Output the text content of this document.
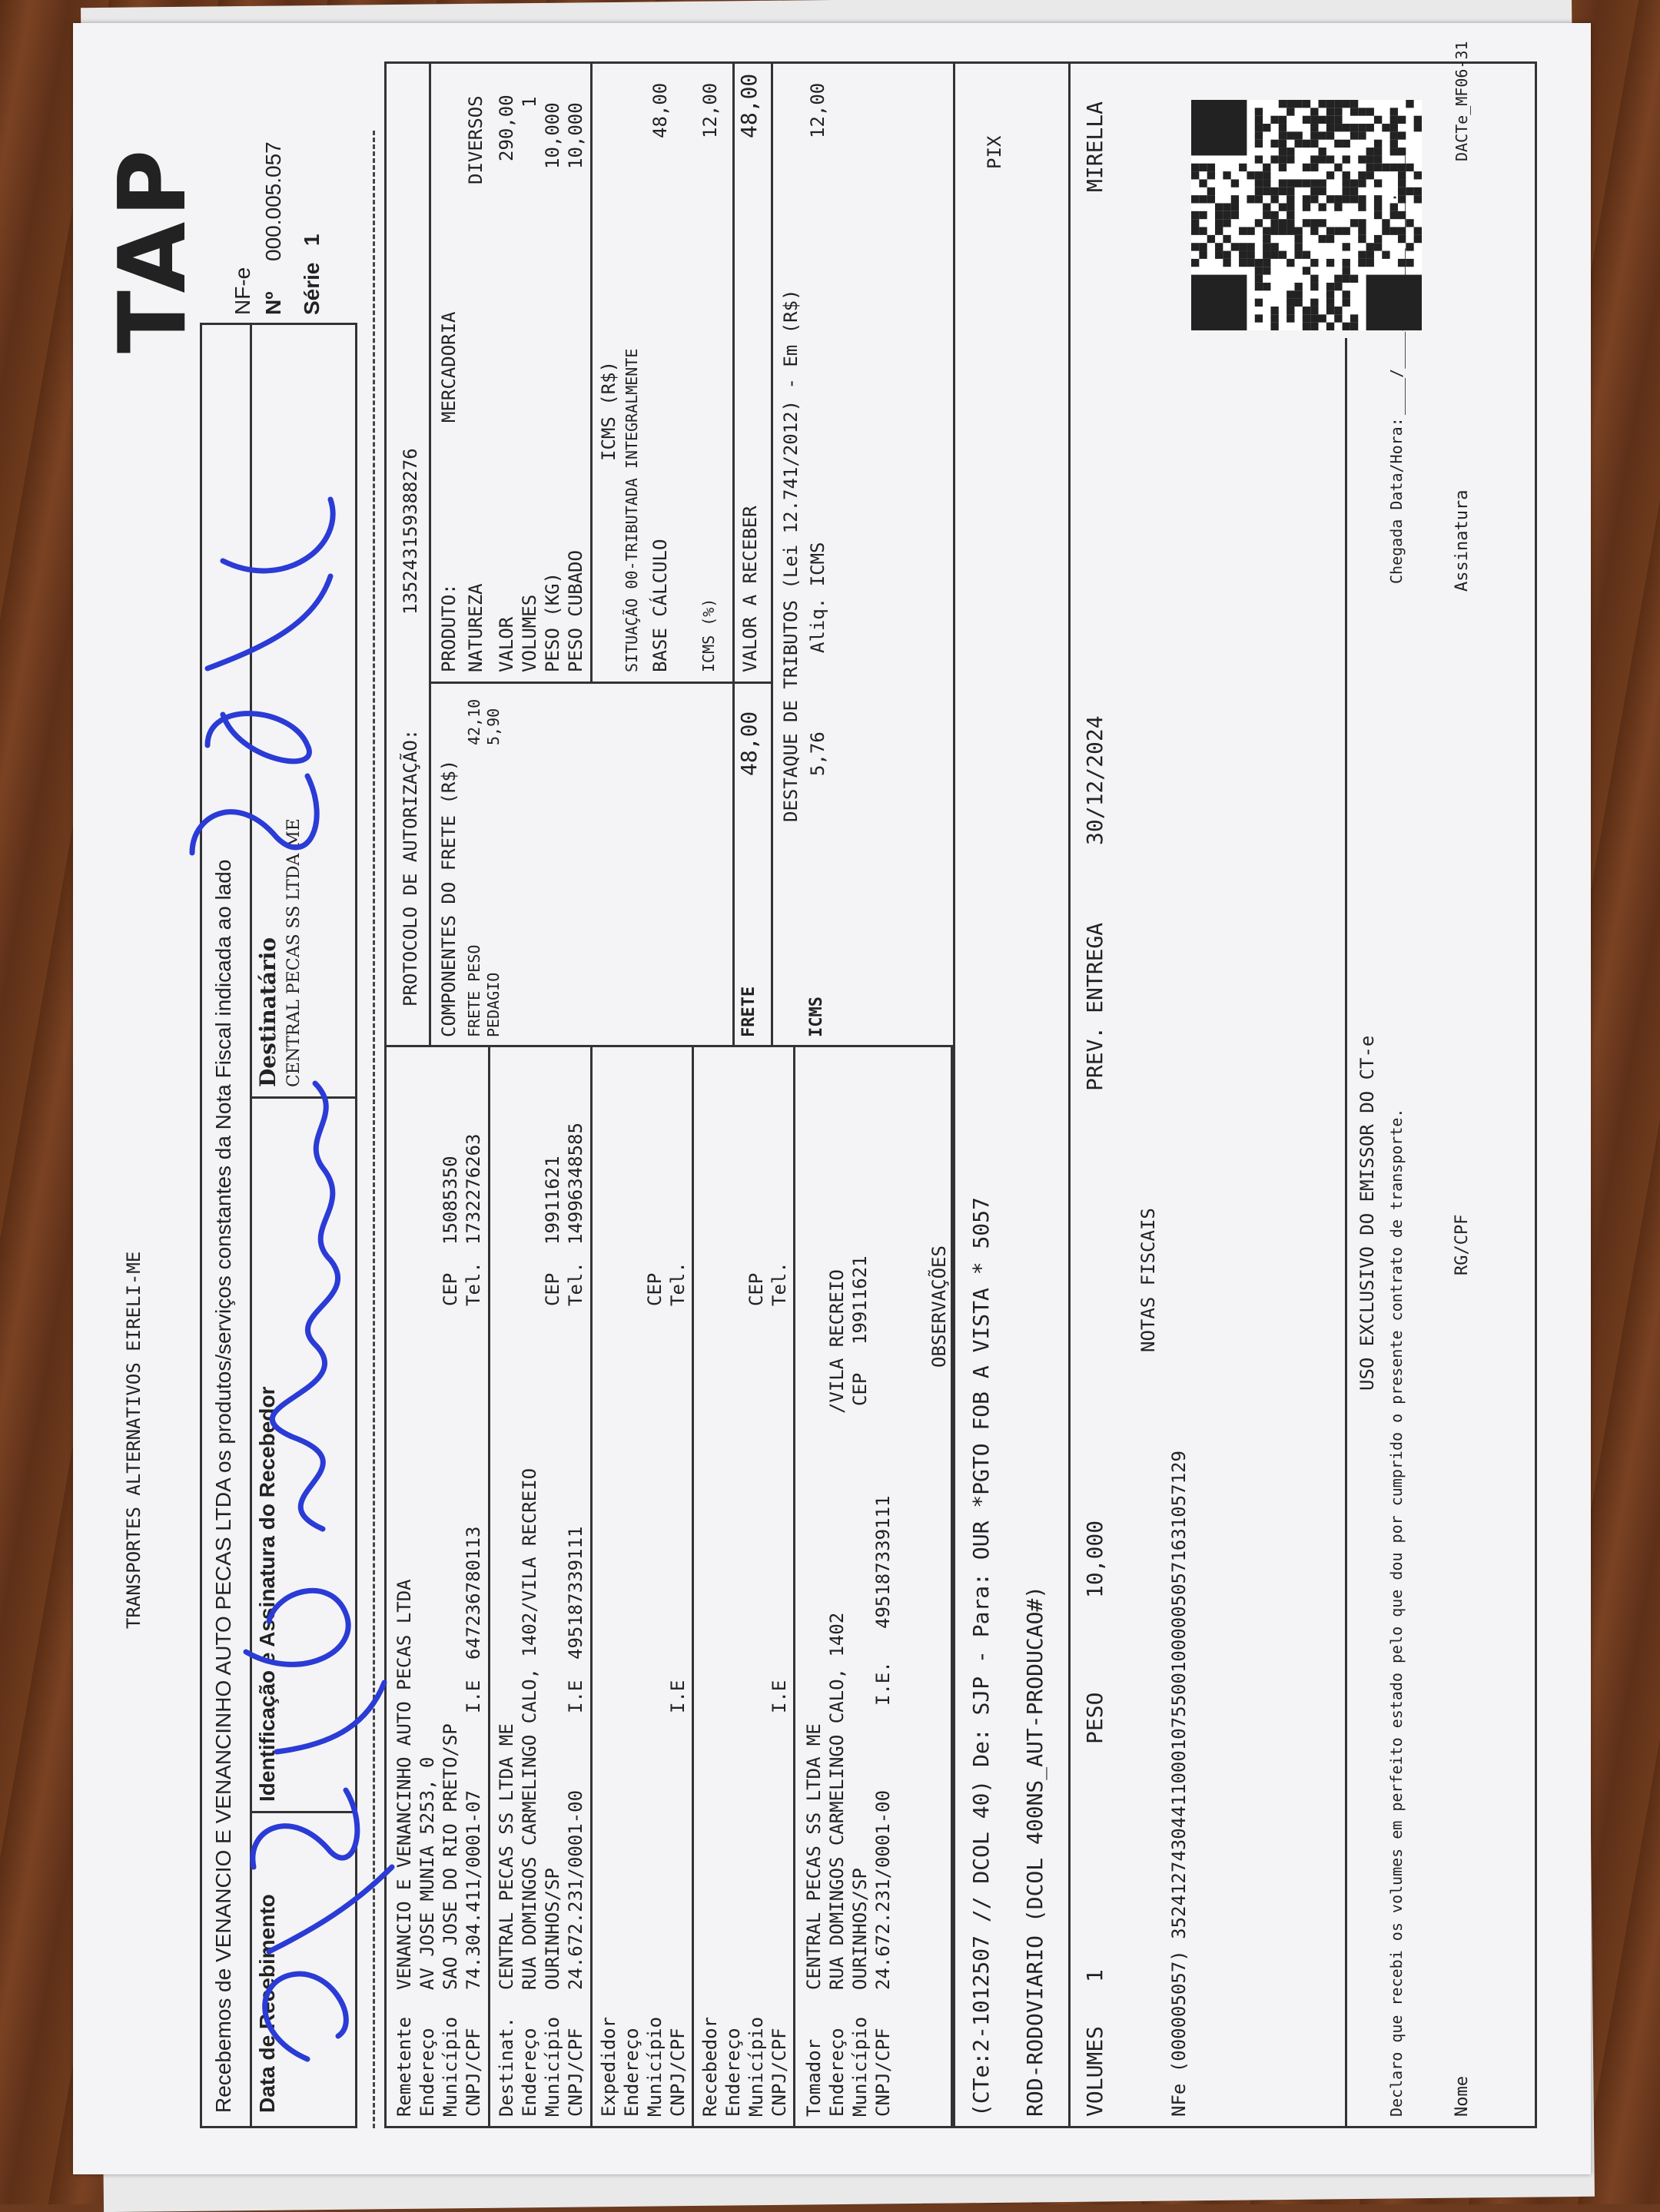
TAP
TRANSPORTES ALTERNATIVOS EIRELI-ME	Recebemos de VENANCIO E VENANCINHO AUTO PECAS LTDA os produtos/serviços constantes da Nota Fiscal indicada ao lado Data de Recebimento
Identificação e Assinatura do Recebedor
Destinatário CENTRAL PECAS SS LTDA ME
NF-e Nº
000.005.057
Série
1
Remetente
VENANCIO E VENANCINHO AUTO PECAS LTDA
Endereço
AV JOSE MUNIA 5253, 0
Município
SAO JOSE DO RIO PRETO/SP
CEP
15085350
CNPJ/CPF
74.304.411/0001-07
I.E
647236780113
Tel.
1732276263
Destinat.
CENTRAL PECAS SS LTDA ME
Endereço
RUA DOMINGOS CARMELINGO CALO, 1402/VILA RECREIO
Município
OURINHOS/SP
CEP
19911621
CNPJ/CPF
24.672.231/0001-00
I.E
495187339111
Tel.
14996348585
Expedidor Endereço Município
CEP
CNPJ/CPF
I.E
Tel.
Recebedor Endereço Município
CEP
CNPJ/CPF
I.E
Tel.
Tomador
CENTRAL PECAS SS LTDA ME
Endereço
RUA DOMINGOS CARMELINGO CALO, 1402
/VILA RECREIO
Município
OURINHOS/SP
CEP
19911621
CNPJ/CPF
24.672.231/0001-00
I.E.
495187339111
PROTOCOLO DE AUTORIZAÇÃO:
135243159388276
COMPONENTES DO FRETE (R$) FRETE PESO
42,10
PEDAGIO
5,90
PRODUTO:
MERCADORIA
NATUREZA
DIVERSOS
VALOR
290,00
VOLUMES
1
PESO (KG)
10,000
PESO CUBADO
10,000
ICMS (R$) SITUAÇÃO 00-TRIBUTADA INTEGRALMENTE BASE CÁLCULO
48,00
ICMS (%)
12,00
FRETE
48,00
VALOR A RECEBER
48,00
DESTAQUE DE TRIBUTOS (Lei 12.741/2012) - Em (R$)
ICMS
5,76
Aliq. ICMS
12,00
OBSERVAÇÕES (CTe:2-1012507 // DCOL 40) De: SJP - Para: OUR *PGTO FOB A VISTA * 5057 ROD-RODOVIARIO (DCOL 400NS_AUT-PRODUCAO#) VOLUMES
1
PESO
10,000
PREV. ENTREGA
30/12/2024
MIRELLA
PIX
NOTAS FISCAIS
NFe (000005057) 35241274304411000107550010000050571631057129
USO EXCLUSIVO DO EMISSOR DO CT-e Declaro que recebi os volumes em perfeito estado pelo que dou por cumprido o presente contrato de transporte.
Chegada Data/Hora:
____/____/________ ____:____
Nome
RG/CPF
Assinatura
DACTe_MF06-31
